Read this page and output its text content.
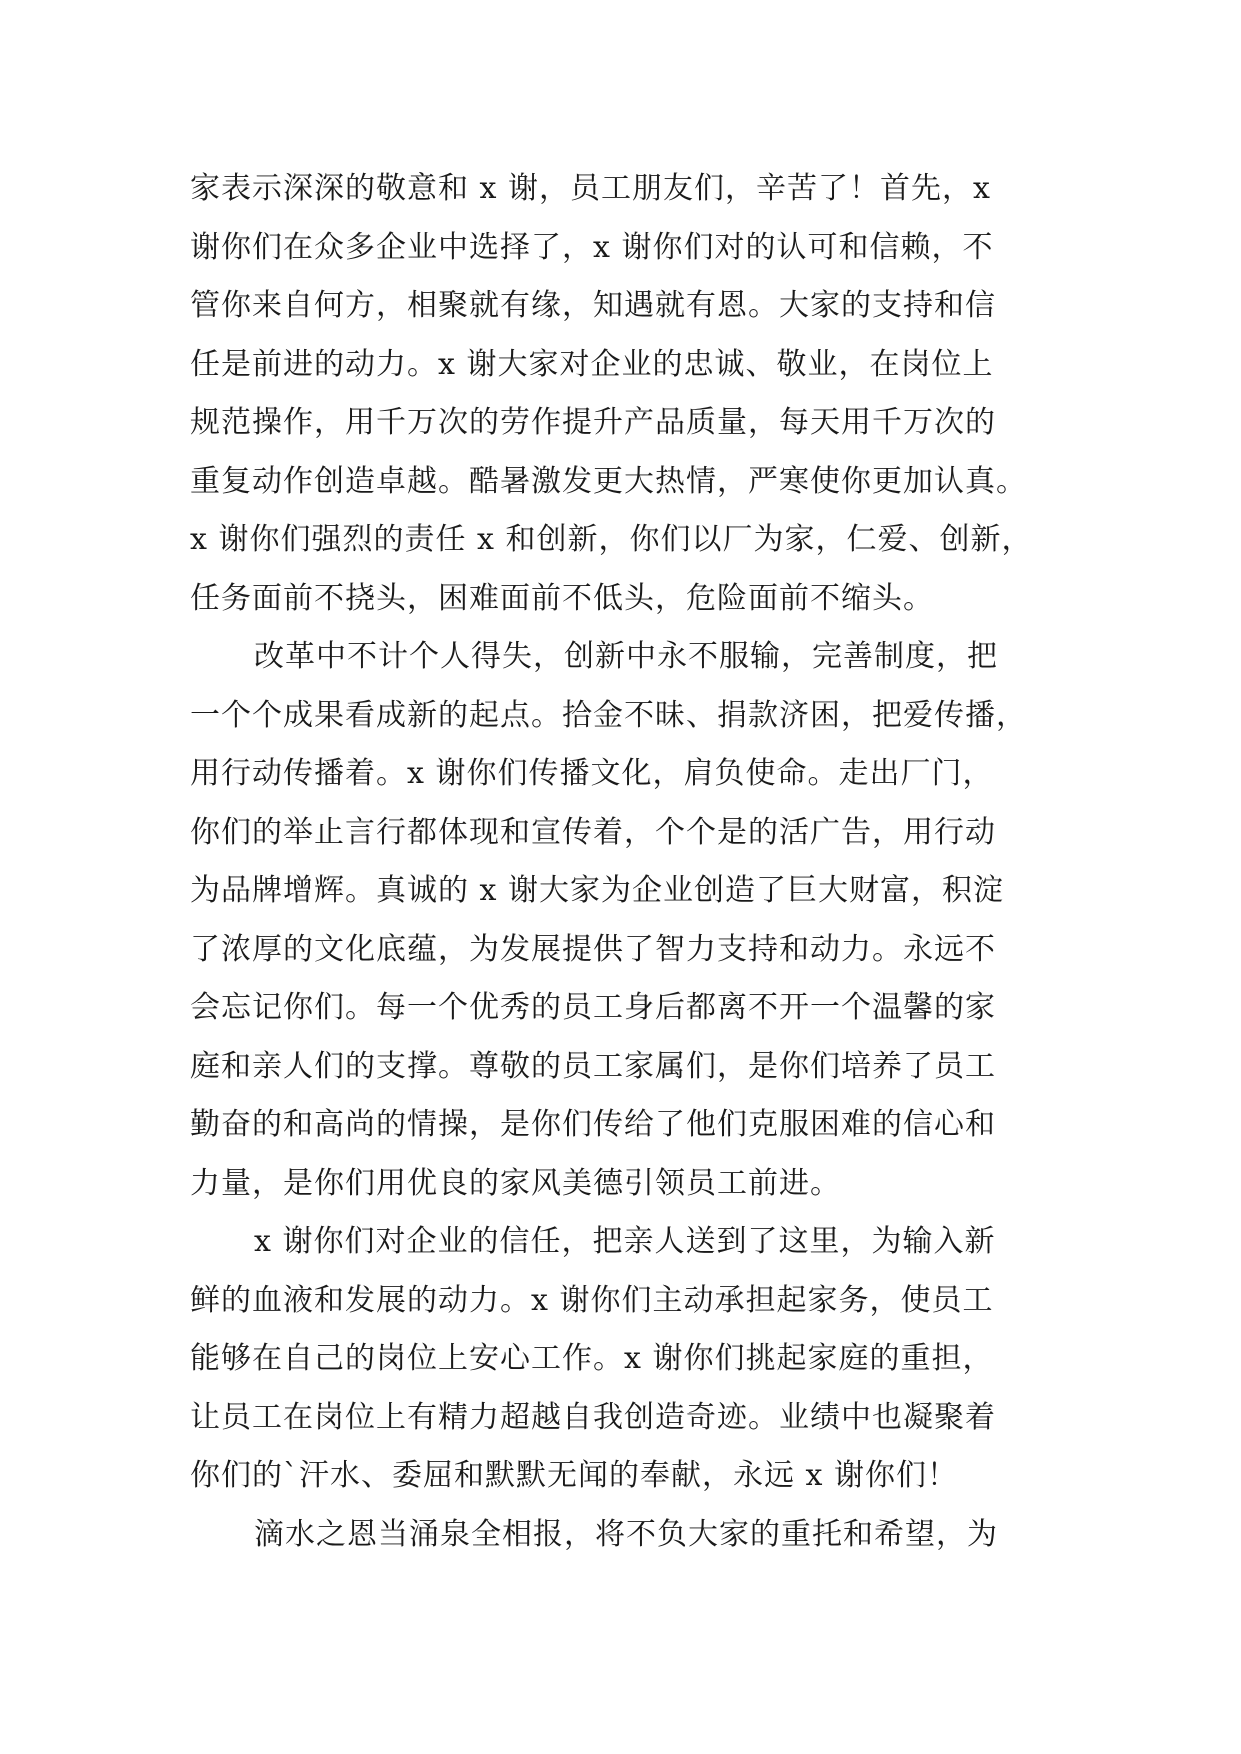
家表示深深的敬意和 x 谢，员工朋友们，辛苦了！首先，x
谢你们在众多企业中选择了，x 谢你们对的认可和信赖，不
管你来自何方，相聚就有缘，知遇就有恩。大家的支持和信
任是前进的动力。x 谢大家对企业的忠诚、敬业，在岗位上
规范操作，用千万次的劳作提升产品质量，每天用千万次的
重复动作创造卓越。酷暑激发更大热情，严寒使你更加认真。
x 谢你们强烈的责任 x 和创新，你们以厂为家，仁爱、创新，
任务面前不挠头，困难面前不低头，危险面前不缩头。
改革中不计个人得失，创新中永不服输，完善制度，把
一个个成果看成新的起点。拾金不昧、捐款济困，把爱传播，
用行动传播着。x 谢你们传播文化，肩负使命。走出厂门，
你们的举止言行都体现和宣传着，个个是的活广告，用行动
为品牌增辉。真诚的 x 谢大家为企业创造了巨大财富，积淀
了浓厚的文化底蕴，为发展提供了智力支持和动力。永远不
会忘记你们。每一个优秀的员工身后都离不开一个温馨的家
庭和亲人们的支撑。尊敬的员工家属们，是你们培养了员工
勤奋的和高尚的情操，是你们传给了他们克服困难的信心和
力量，是你们用优良的家风美德引领员工前进。
x 谢你们对企业的信任，把亲人送到了这里，为输入新
鲜的血液和发展的动力。x 谢你们主动承担起家务，使员工
能够在自己的岗位上安心工作。x 谢你们挑起家庭的重担，
让员工在岗位上有精力超越自我创造奇迹。业绩中也凝聚着
你们的`汗水、委屈和默默无闻的奉献，永远 x 谢你们！
滴水之恩当涌泉全相报，将不负大家的重托和希望，为
